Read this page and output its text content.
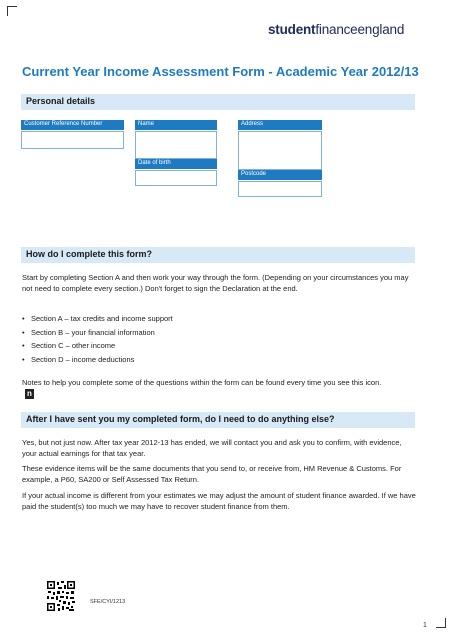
studentfinanceengland
Current Year Income Assessment Form - Academic Year 2012/13
Personal details
Customer Reference Number	Name	Address
Date of birth
Postcode
How do I complete this form?
Start by completing Section A and then work your way through the form. (Depending on your circumstances you may not need to complete every section.) Don't forget to sign the Declaration at the end.
• Section A – tax credits and income support
• Section B – your financial information
• Section C – other income
• Section D – income deductions
Notes to help you complete some of the questions within the form can be found every time you see this icon.n
After I have sent you my completed form, do I need to do anything else?
Yes, but not just now. After tax year 2012-13 has ended, we will contact you and ask you to confirm, with evidence, your actual earnings for that tax year.
These evidence items will be the same documents that you send to, or receive from, HM Revenue & Customs. For example, a P60, SA200 or Self Assessed Tax Return.
If your actual income is different from your estimates we may adjust the amount of student finance awarded. If we have paid the student(s) too much we may have to recover student finance from them.
SFE/CYI/1213
1
